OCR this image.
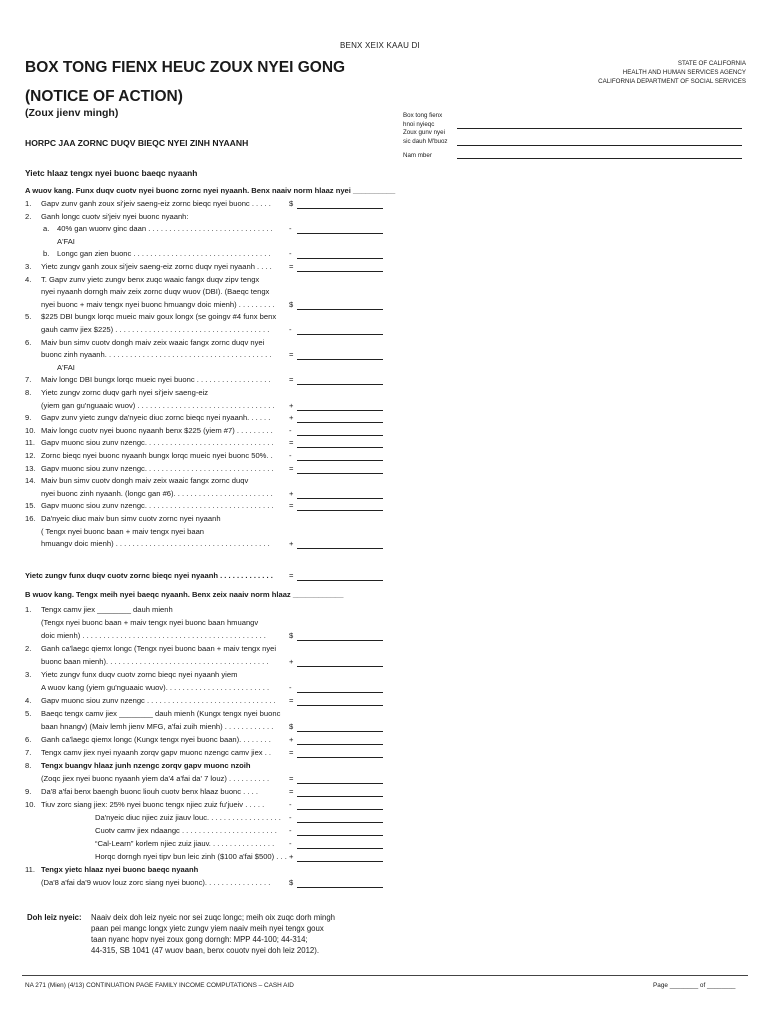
BENX XEIX KAAU DI
BOX TONG FIENX HEUC ZOUX NYEI GONG
(NOTICE OF ACTION)
(Zoux jienv mingh)
STATE OF CALIFORNIA
HEALTH AND HUMAN SERVICES AGENCY
CALIFORNIA DEPARTMENT OF SOCIAL SERVICES
HORPC JAA ZORNC DUQV BIEQC NYEI ZINH NYAANH
Box tong fienx
hnoi nyieqc
Zoux gunv nyei
sic dauh M'buoz
Nam mber
Yietc hlaaz tengx nyei buonc baeqc nyaanh
A wuov kang. Funx duqv cuotv nyei buonc zornc nyei nyaanh. Benx naaiv norm hlaaz nyei __________
1. Gapv zunv ganh zoux si'jeiv saeng-eiz zornc bieqc nyei buonc . . . . . $
2. Ganh longc cuotv si'jeiv nyei buonc nyaanh:
a. 40% gan wuonv ginc daan . . . . . . . . . . . . . . . . . . . . . . . . . . . . . . -
A'FAI
b. Longc gan zien buonc . . . . . . . . . . . . . . . . . . . . . . . . . . . . . . . . . -
3. Yietc zungv ganh zoux si'jeiv saeng-eiz zornc duqv nyei nyaanh . . . . =
4. T. Gapv zunv yietc zungv benx zuqc waaic fangx duqv zipv tengx
nyei nyaanh dorngh maiv zeix zornc duqv wuov (DBI). (Baeqc tengx
nyei buonc + maiv tengx nyei buonc hmuangv doic mienh) . . . . . . . . . $
5. $225 DBI bungx lorqc mueic maiv goux longx (se goingv #4 funx benx
gauh camv jiex $225) . . . . . . . . . . . . . . . . . . . . . . . . . . . . . . . . . . . . .	-
6. Maiv bun simv cuotv dongh maiv zeix waaic fangx zornc duqv nyei
buonc zinh nyaanh. . . . . . . . . . . . . . . . . . . . . . . . . . . . . . . . . . . . . . . . =
A'FAI
7. Maiv longc DBI bungx lorqc mueic nyei buonc . . . . . . . . . . . . . . . . . . =
8. Yietc zungv zornc duqv garh nyei si'jeiv saeng-eiz
(yiem gan gu'nguaaic wuov) . . . . . . . . . . . . . . . . . . . . . . . . . . . . . . . . . +
9. Gapv zunv yietc zungv da'nyeic diuc zornc bieqc nyei nyaanh. . . . . . +
10. Maiv longc cuotv nyei buonc nyaanh benx $225 (yiem #7) . . . . . . . . . -
11. Gapv muonc siou zunv nzengc. . . . . . . . . . . . . . . . . . . . . . . . . . . . . . . =
12. Zornc bieqc nyei buonc nyaanh bungx lorqc mueic nyei buonc 50%. . -
13. Gapv muonc siou zunv nzengc. . . . . . . . . . . . . . . . . . . . . . . . . . . . . . . =
14. Maiv bun simv cuotv dongh maiv zeix waaic fangx zornc duqv
nyei buonc zinh nyaanh. (longc gan #6). . . . . . . . . . . . . . . . . . . . . . . . +
15. Gapv muonc siou zunv nzengc. . . . . . . . . . . . . . . . . . . . . . . . . . . . . . . =
16. Da'nyeic diuc maiv bun simv cuotv zornc nyei nyaanh
( Tengx nyei buonc baan + maiv tengx nyei baan
hmuangv doic mienh) . . . . . . . . . . . . . . . . . . . . . . . . . . . . . . . . . . . . .	+
Yietc zungv funx duqv cuotv zornc bieqc nyei nyaanh . . . . . . . . . . . . . =
B wuov kang. Tengx meih nyei baeqc nyaanh. Benx zeix naaiv norm hlaaz ____________
1. Tengx camv jiex ________ dauh mienh
(Tengx nyei buonc baan + maiv tengx nyei buonc baan hmuangv
doic mienh) . . . . . . . . . . . . . . . . . . . . . . . . . . . . . . . . . . . . . . . . . . . .	$
2. Ganh ca'laegc qiemx longc (Tengx nyei buonc baan + maiv tengx nyei
buonc baan mienh). . . . . . . . . . . . . . . . . . . . . . . . . . . . . . . . . . . . . . .	+
3. Yietc zungv funx duqv cuotv zornc bieqc nyei nyaanh yiem
A wuov kang (yiem gu'nguaaic wuov). . . . . . . . . . . . . . . . . . . . . . . . .	-
4. Gapv muonc siou zunv nzengc . . . . . . . . . . . . . . . . . . . . . . . . . . . . . . . =
5. Baeqc tengx camv jiex ________ dauh mienh (Kungx tengx nyei buonc
baan hnangv) (Maiv lemh jienv MFG, a'fai zuih mienh) . . . . . . . . . . . . $
6. Ganh ca'laegc qiemx longc (Kungx tengx nyei buonc baan). . . . . . . . +
7. Tengx camv jiex nyei nyaanh zorqv gapv muonc nzengc camv jiex . . =
8. Tengx buangv hlaaz junh nzengc zorqv gapv muonc nzoih
(Zoqc jiex nyei buonc nyaanh yiem da'4 a'fai da' 7 louz) . . . . . . . . . .	=
9. Da'8 a'fai benx baengh buonc liouh cuotv benx hlaaz buonc . . . .	=
10. Tiuv zorc siang jiex: 25% nyei buonc tengx njiec zuiz fu'jueiv . . . . .	-
Da'nyeic diuc njiec zuiz jiauv louc. . . . . . . . . . . . . . . . . . -
Cuotv camv jiex ndaangc . . . . . . . . . . . . . . . . . . . . . . . -
“Cal-Learn” korlem njiec zuiz jiauv. . . . . . . . . . . . . . . . -
Horqc dorngh nyei tipv bun leic zinh ($100 a'fai $500) . . . +
11. Tengx yietc hlaaz nyei buonc baeqc nyaanh
(Da'8 a'fai da'9 wuov louz zorc siang nyei buonc). . . . . . . . . . . . . . . . $
Doh leiz nyeic: Naaiv deix doh leiz nyeic nor sei zuqc longc; meih oix zuqc dorh mingh
paan pei mangc longx yietc zungv yiem naaiv meih nyei tengx goux
taan nyanc hopv nyei zoux gong dorngh: MPP 44-100; 44-314;
44-315, SB 1041 (47 wuov baan, benx couotv nyei doh leiz 2012).
NA 271 (Mien) (4/13) CONTINUATION PAGE FAMILY INCOME COMPUTATIONS – CASH AID	Page ________ of ________
